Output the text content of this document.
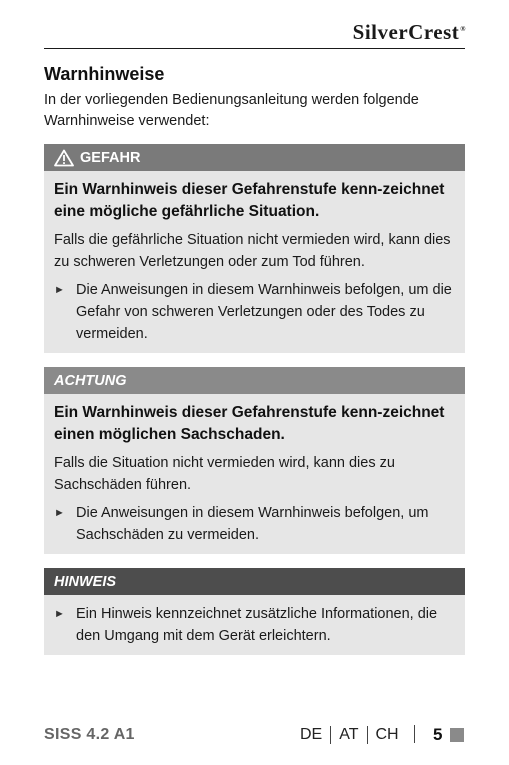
SilverCrest®
Warnhinweise

In der vorliegenden Bedienungsanleitung werden folgende Warnhinweise verwendet:

GEFAHR

Ein Warnhinweis dieser Gefahrenstufe kenn-zeichnet eine mögliche gefährliche Situation.

Falls die gefährliche Situation nicht vermieden wird, kann dies zu schweren Verletzungen oder zum Tod führen.

► Die Anweisungen in diesem Warnhinweis befolgen, um die Gefahr von schweren Verletzungen oder des Todes zu vermeiden.
ACHTUNG

Ein Warnhinweis dieser Gefahrenstufe kenn-zeichnet einen möglichen Sachschaden.

Falls die Situation nicht vermieden wird, kann dies zu Sachschäden führen.

► Die Anweisungen in diesem Warnhinweis befolgen, um Sachschäden zu vermeiden.
HINWEIS
► Ein Hinweis kennzeichnet zusätzliche Informationen, die den Umgang mit dem Gerät erleichtern.
SISS 4.2 A1	DE AT CH 5
